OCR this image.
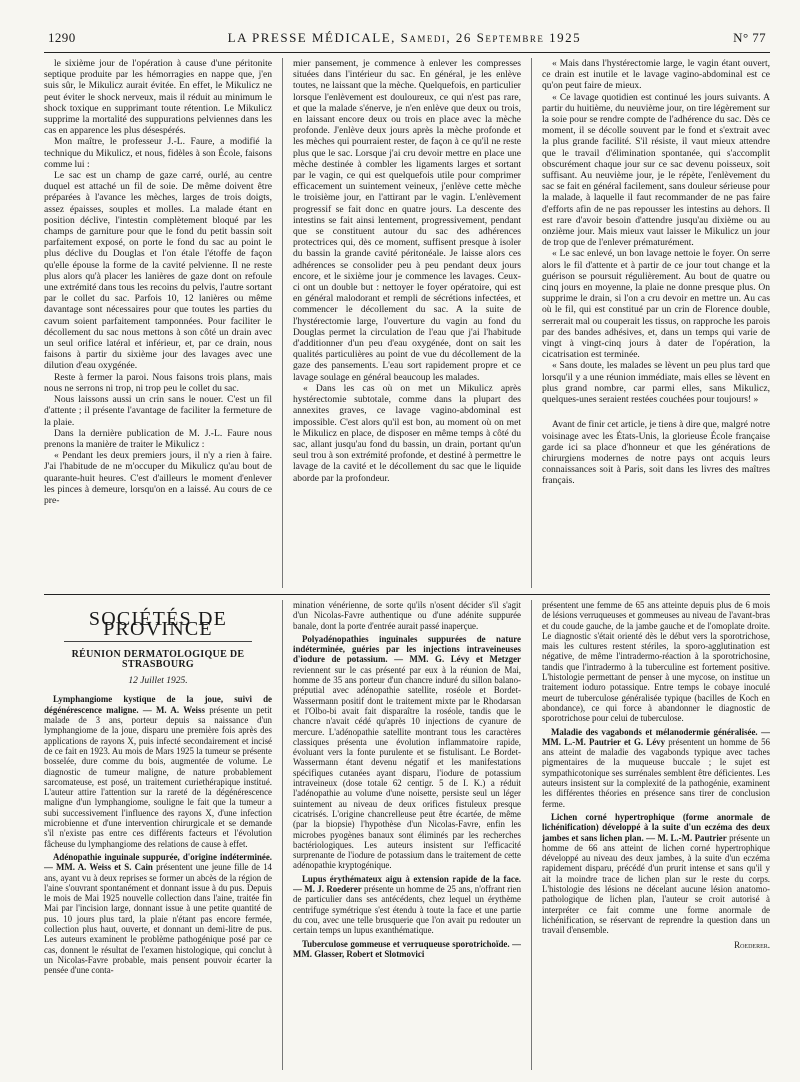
1290	LA PRESSE MÉDICALE, Samedi, 26 Septembre 1925	N° 77

le sixième jour de l'opération à cause d'une péritonite septique produite par les hémorragies en nappe que, j'en suis sûr, le Mikulicz aurait évitée. En effet, le Mikulicz ne peut éviter le shock nerveux, mais il réduit au minimum le shock toxique en supprimant toute rétention. Le Mikulicz supprime la mortalité des suppurations pelviennes dans les cas en apparence les plus désespérés.

Mon maître, le professeur J.-L. Faure, a modifié la technique du Mikulicz, et nous, fidèles à son École, faisons comme lui :

Le sac est un champ de gaze carré, ourlé, au centre duquel est attaché un fil de soie. De même doivent être préparées à l'avance les mèches, larges de trois doigts, assez épaisses, souples et molles. La malade étant en position déclive, l'intestin complètement bloqué par les champs de garniture pour que le fond du petit bassin soit parfaitement exposé, on porte le fond du sac au point le plus déclive du Douglas et l'on étale l'étoffe de façon qu'elle épouse la forme de la cavité pelvienne. Il ne reste plus alors qu'à placer les lanières de gaze dont on refoule une extrémité dans tous les recoins du pelvis, l'autre sortant par le collet du sac. Parfois 10, 12 lanières ou même davantage sont nécessaires pour que toutes les parties du cavum soient parfaitement tamponnées. Pour faciliter le décollement du sac nous mettons à son côté un drain avec un seul orifice latéral et inférieur, et, par ce drain, nous faisons à partir du sixième jour des lavages avec une dilution d'eau oxygénée.

Reste à fermer la paroi. Nous faisons trois plans, mais nous ne serrons ni trop, ni trop peu le collet du sac.

Nous laissons aussi un crin sans le nouer. C'est un fil d'attente ; il présente l'avantage de faciliter la fermeture de la plaie.

Dans la dernière publication de M. J.-L. Faure nous prenons la manière de traiter le Mikulicz :

« Pendant les deux premiers jours, il n'y a rien à faire. J'ai l'habitude de ne m'occuper du Mikulicz qu'au bout de quarante-huit heures. C'est d'ailleurs le moment d'enlever les pinces à demeure, lorsqu'on en a laissé. Au cours de ce pre-

mier pansement, je commence à enlever les compresses situées dans l'intérieur du sac. En général, je les enlève toutes, ne laissant que la mèche. Quelquefois, en particulier lorsque l'enlèvement est douloureux, ce qui n'est pas rare, et que la malade s'énerve, je n'en enlève que deux ou trois, en laissant encore deux ou trois en place avec la mèche profonde. J'enlève deux jours après la mèche profonde et les mèches qui pourraient rester, de façon à ce qu'il ne reste plus que le sac. Lorsque j'ai cru devoir mettre en place une mèche destinée à combler les ligaments larges et sortant par le vagin, ce qui est quelquefois utile pour comprimer efficacement un suintement veineux, j'enlève cette mèche le troisième jour, en l'attirant par le vagin. L'enlèvement progressif se fait donc en quatre jours. La descente des intestins se fait ainsi lentement, progressivement, pendant que se constituent autour du sac des adhérences protectrices qui, dès ce moment, suffisent presque à isoler du bassin la grande cavité péritonéale. Je laisse alors ces adhérences se consolider peu à peu pendant deux jours encore, et le sixième jour je commence les lavages. Ceux-ci ont un double but : nettoyer le foyer opératoire, qui est en général malodorant et rempli de sécrétions infectées, et commencer le décollement du sac. A la suite de l'hystérectomie large, l'ouverture du vagin au fond du Douglas permet la circulation de l'eau que j'ai l'habitude d'additionner d'un peu d'eau oxygénée, dont on sait les qualités particulières au point de vue du décollement de la gaze des pansements. L'eau sort rapidement propre et ce lavage soulage en général beaucoup les malades.

« Dans les cas où on met un Mikulicz après hystérectomie subtotale, comme dans la plupart des annexites graves, ce lavage vagino-abdominal est impossible. C'est alors qu'il est bon, au moment où on met le Mikulicz en place, de disposer en même temps à côté du sac, allant jusqu'au fond du bassin, un drain, portant qu'un seul trou à son extrémité profonde, et destiné à permettre le lavage de la cavité et le décollement du sac que le liquide aborde par la profondeur.

« Mais dans l'hystérectomie large, le vagin étant ouvert, ce drain est inutile et le lavage vagino-abdominal est ce qu'on peut faire de mieux.

« Ce lavage quotidien est continué les jours suivants. A partir du huitième, du neuvième jour, on tire légèrement sur la soie pour se rendre compte de l'adhérence du sac. Dès ce moment, il se décolle souvent par le fond et s'extrait avec la plus grande facilité. S'il résiste, il vaut mieux attendre que le travail d'élimination spontanée, qui s'accomplit obscurément chaque jour sur ce sac devenu poisseux, soit suffisant. Au neuvième jour, je le répète, l'enlèvement du sac se fait en général facilement, sans douleur sérieuse pour la malade, à laquelle il faut recommander de ne pas faire d'efforts afin de ne pas repousser les intestins au dehors. Il est rare d'avoir besoin d'attendre jusqu'au dixième ou au onzième jour. Mais mieux vaut laisser le Mikulicz un jour de trop que de l'enlever prématurément.

« Le sac enlevé, un bon lavage nettoie le foyer. On serre alors le fil d'attente et à partir de ce jour tout change et la guérison se poursuit régulièrement. Au bout de quatre ou cinq jours en moyenne, la plaie ne donne presque plus. On supprime le drain, si l'on a cru devoir en mettre un. Au cas où le fil, qui est constitué par un crin de Florence double, serrerait mal ou couperait les tissus, on rapproche les parois par des bandes adhésives, et, dans un temps qui varie de vingt à vingt-cinq jours à dater de l'opération, la cicatrisation est terminée.

« Sans doute, les malades se lèvent un peu plus tard que lorsqu'il y a une réunion immédiate, mais elles se lèvent en plus grand nombre, car parmi elles, sans Mikulicz, quelques-unes seraient restées couchées pour toujours! »

Avant de finir cet article, je tiens à dire que, malgré notre voisinage avec les États-Unis, la glorieuse École française garde ici sa place d'honneur et que les générations de chirurgiens modernes de notre pays ont acquis leurs connaissances soit à Paris, soit dans les livres des maîtres français.

SOCIÉTÉS DE PROVINCE
RÉUNION DERMATOLOGIQUE DE STRASBOURG
12 Juillet 1925.

Lymphangiome kystique de la joue, suivi de dégénérescence maligne. — M. A. Weiss présente un petit malade de 3 ans, porteur depuis sa naissance d'un lymphangiome de la joue, disparu une première fois après des applications de rayons X, puis infecté secondairement et incisé de ce fait en 1923. Au mois de Mars 1925 la tumeur se présente bosselée, dure comme du bois, augmentée de volume. Le diagnostic de tumeur maligne, de nature probablement sarcomateuse, est posé, un traitement curiethérapique institué. L'auteur attire l'attention sur la rareté de la dégénérescence maligne d'un lymphangiome, souligne le fait que la tumeur a subi successivement l'influence des rayons X, d'une infection microbienne et d'une intervention chirurgicale et se demande s'il n'existe pas entre ces différents facteurs et l'évolution fâcheuse du lymphangiome des relations de cause à effet.

Adénopathie inguinale suppurée, d'origine indéterminée. — MM. A. Weiss et S. Cain présentent une jeune fille de 14 ans, ayant vu à deux reprises se former un abcès de la région de l'aine s'ouvrant spontanément et donnant issue à du pus. Depuis le mois de Mai 1925 nouvelle collection dans l'aine, traitée fin Mai par l'incision large, donnant issue à une petite quantité de pus. 10 jours plus tard, la plaie n'étant pas encore fermée, collection plus haut, ouverte, et donnant un demi-litre de pus. Les auteurs examinent le problème pathogénique posé par ce cas, donnent le résultat de l'examen histologique, qui conclut à un Nicolas-Favre probable, mais pensent pouvoir écarter la pensée d'une conta-

mination vénérienne, de sorte qu'ils n'osent décider s'il s'agit d'un Nicolas-Favre authentique ou d'une adénite suppurée banale, dont la porte d'entrée aurait passé inaperçue.

Polyadénopathies inguinales suppurées de nature indéterminée, guéries par les injections intraveineuses d'iodure de potassium. — MM. G. Lévy et Metzger reviennent sur le cas présenté par eux à la réunion de Mai, homme de 35 ans porteur d'un chancre induré du sillon balano-préputial avec adénopathie satellite, roséole et Bordet-Wassermann positif dont le traitement mixte par le Rhodarsan et l'Olbo-bi avait fait disparaître la roséole, tandis que le chancre n'avait cédé qu'après 10 injections de cyanure de mercure. L'adénopathie satellite montrant tous les caractères classiques présenta une évolution inflammatoire rapide, évoluant vers la fonte purulente et se fistulisant. Le Bordet-Wassermann étant devenu négatif et les manifestations spécifiques cutanées ayant disparu, l'iodure de potassium intraveineux (dose totale 62 centigr. 5 de I. K.) a réduit l'adénopathie au volume d'une noisette, persiste seul un léger suintement au niveau de deux orifices fistuleux presque cicatrisés. L'origine chancrelleuse peut être écartée, de même (par la biopsie) l'hypothèse d'un Nicolas-Favre, enfin les microbes pyogènes banaux sont éliminés par les recherches bactériologiques. Les auteurs insistent sur l'efficacité surprenante de l'iodure de potassium dans le traitement de cette adénopathie kryptogénique.

Lupus érythémateux aigu à extension rapide de la face. — M. J. Roederer présente un homme de 25 ans, n'offrant rien de particulier dans ses antécédents, chez lequel un érythème centrifuge symétrique s'est étendu à toute la face et une partie du cou, avec une telle brusquerie que l'on avait pu redouter un certain temps un lupus exanthématique.

Tuberculose gommeuse et verruqueuse sporotrichoïde. — MM. Glasser, Robert et Slotmovici

présentent une femme de 65 ans atteinte depuis plus de 6 mois de lésions verruqueuses et gommeuses au niveau de l'avant-bras et du coude gauche, de la jambe gauche et de l'omoplate droite. Le diagnostic s'était orienté dès le début vers la sporotrichose, mais les cultures restent stériles, la sporo-agglutination est négative, de même l'intradermo-réaction à la sporotrichosine, tandis que l'intradermo à la tuberculine est fortement positive. L'histologie permettant de penser à une mycose, on institue un traitement ioduro potassique. Entre temps le cobaye inoculé meurt de tuberculose généralisée typique (bacilles de Koch en abondance), ce qui force à abandonner le diagnostic de sporotrichose pour celui de tuberculose.

Maladie des vagabonds et mélanodermie généralisée. — MM. L.-M. Pautrier et G. Lévy présentent un homme de 56 ans atteint de maladie des vagabonds typique avec taches pigmentaires de la muqueuse buccale ; le sujet est sympathicotonique ses surrénales semblent être déficientes. Les auteurs insistent sur la complexité de la pathogénie, examinent les différentes théories en présence sans tirer de conclusion ferme.

Lichen corné hypertrophique (forme anormale de lichénification) développé à la suite d'un eczéma des deux jambes et sans lichen plan. — M. L.-M. Pautrier présente un homme de 66 ans atteint de lichen corné hypertrophique développé au niveau des deux jambes, à la suite d'un eczéma rapidement disparu, précédé d'un prurit intense et sans qu'il y ait la moindre trace de lichen plan sur le reste du corps. L'histologie des lésions ne décelant aucune lésion anatomo-pathologique de lichen plan, l'auteur se croit autorisé à interpréter ce fait comme une forme anormale de lichénification, se réservant de reprendre la question dans un travail d'ensemble.

Roederer.
